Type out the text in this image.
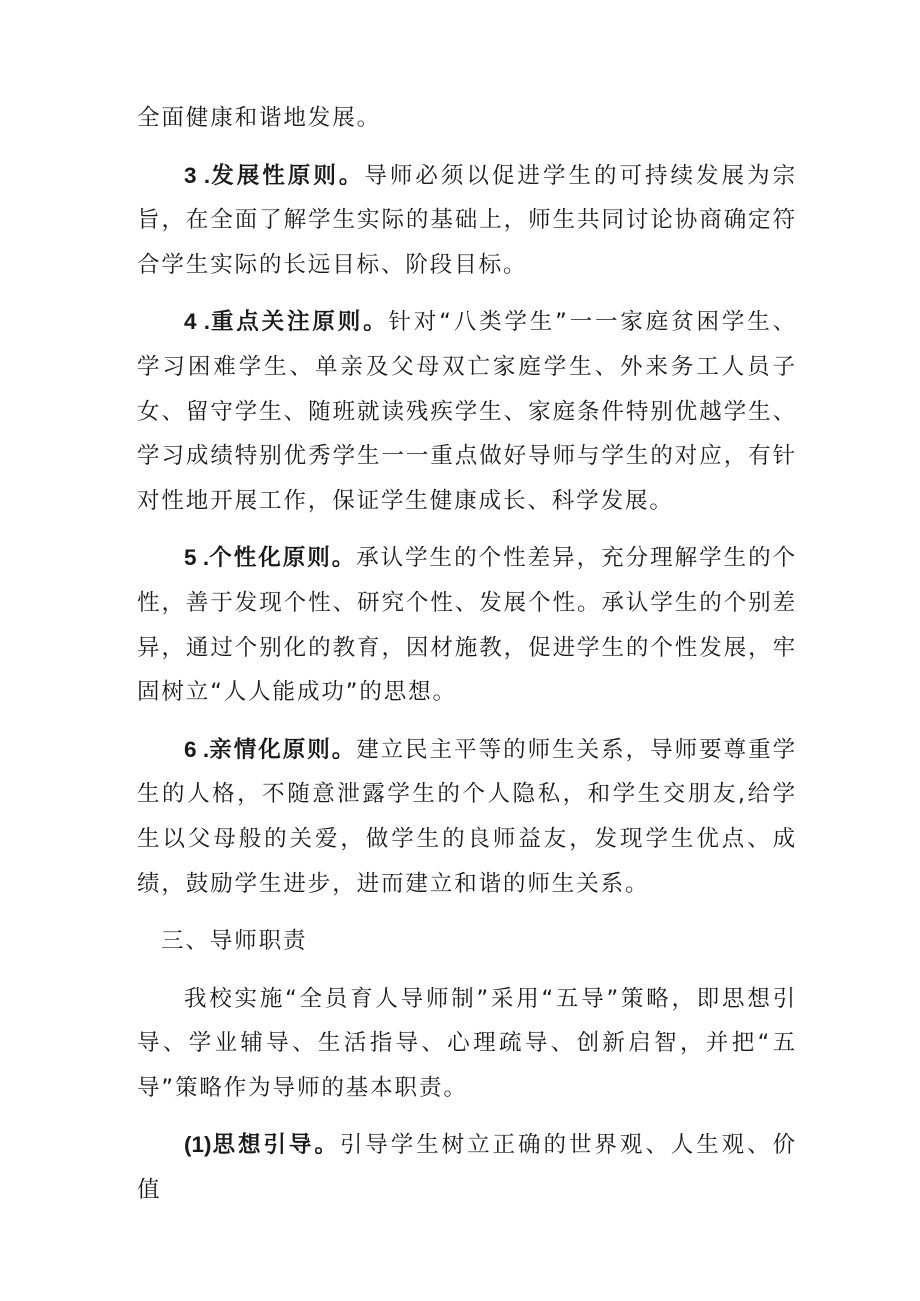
全面健康和谐地发展。

3 .发展性原则。导师必须以促进学生的可持续发展为宗旨，在全面了解学生实际的基础上，师生共同讨论协商确定符合学生实际的长远目标、阶段目标。

4 .重点关注原则。针对“八类学生”一一家庭贫困学生、学习困难学生、单亲及父母双亡家庭学生、外来务工人员子女、留守学生、随班就读残疾学生、家庭条件特别优越学生、学习成绩特别优秀学生一一重点做好导师与学生的对应，有针对性地开展工作，保证学生健康成长、科学发展。

5 .个性化原则。承认学生的个性差异，充分理解学生的个性，善于发现个性、研究个性、发展个性。承认学生的个别差异，通过个别化的教育，因材施教，促进学生的个性发展，牢固树立“人人能成功”的思想。

6 .亲情化原则。建立民主平等的师生关系，导师要尊重学生的人格，不随意泄露学生的个人隐私，和学生交朋友,给学生以父母般的关爱，做学生的良师益友，发现学生优点、成绩，鼓励学生进步，进而建立和谐的师生关系。

三、导师职责

我校实施“全员育人导师制”采用“五导”策略，即思想引导、学业辅导、生活指导、心理疏导、创新启智，并把“五导”策略作为导师的基本职责。

(1)思想引导。引导学生树立正确的世界观、人生观、价值
